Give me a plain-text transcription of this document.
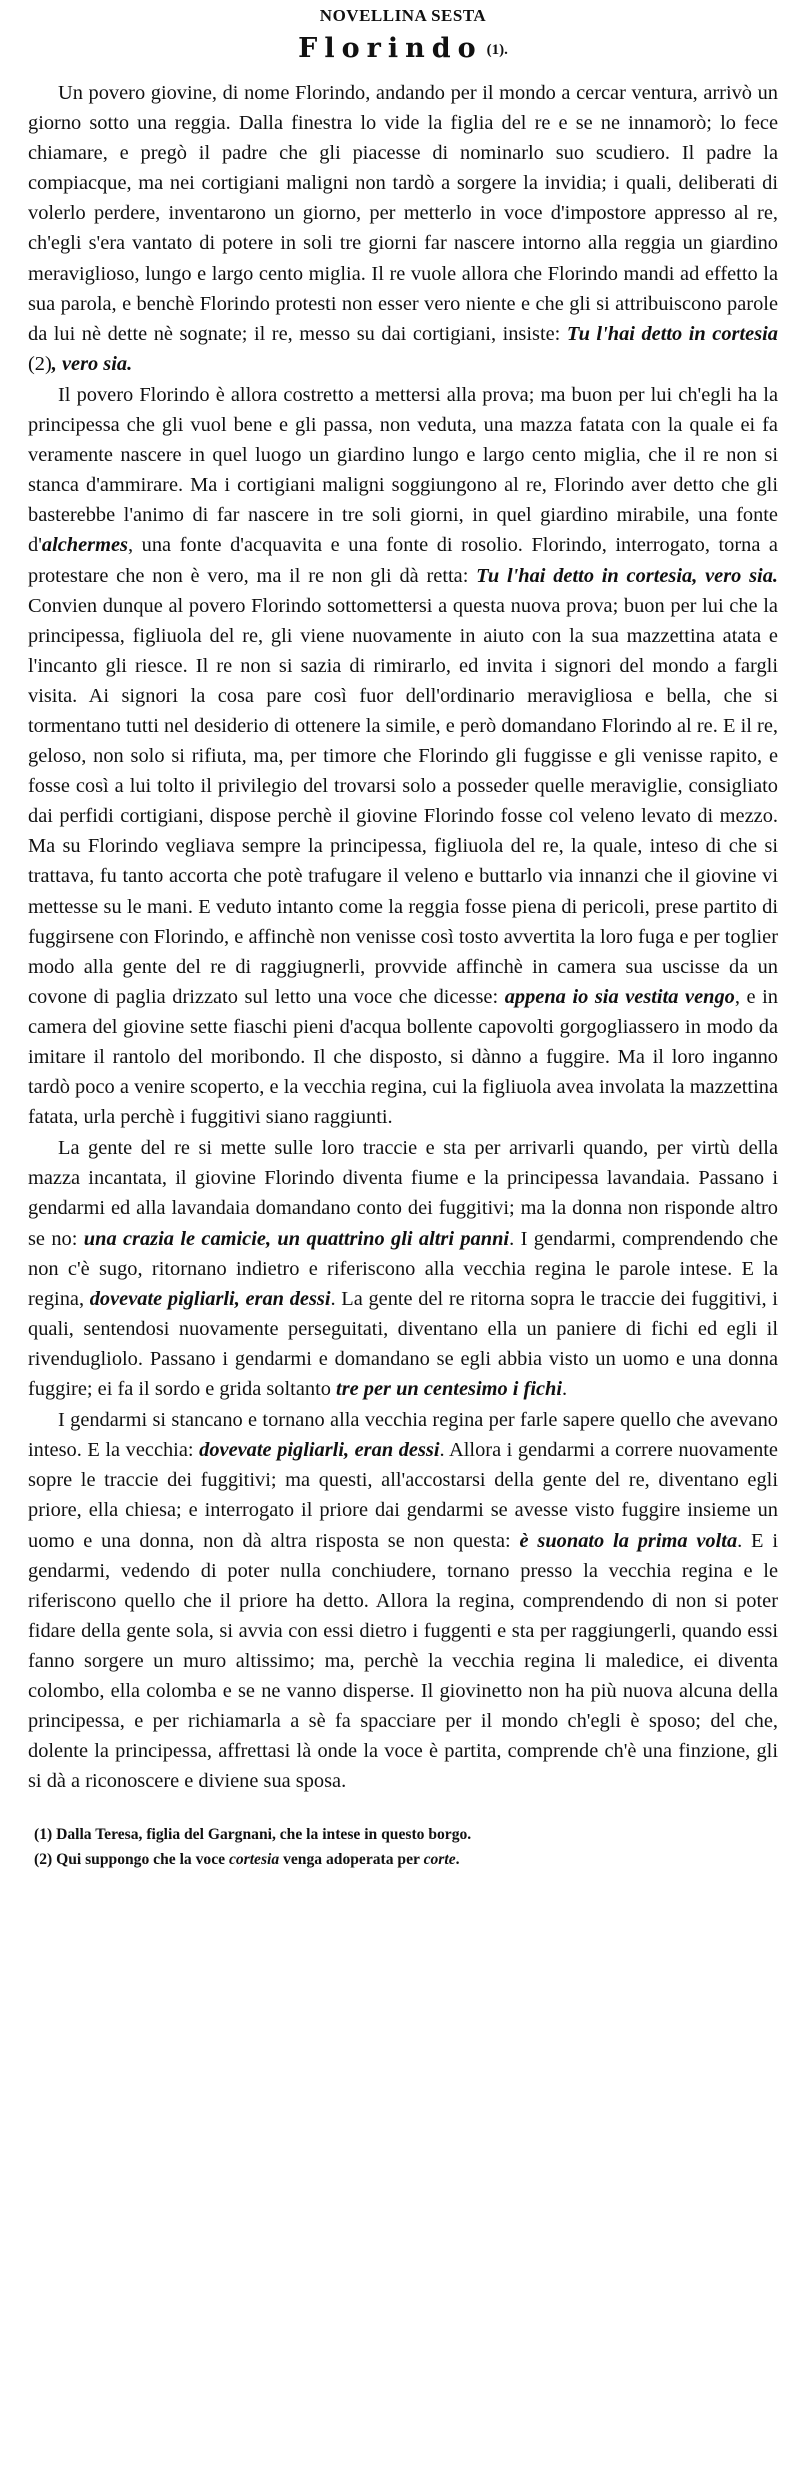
NOVELLINA SESTA
Florindo (1).

Un povero giovine, di nome Florindo, andando per il mondo a cercar ventura, arrivò un giorno sotto una reggia. Dalla finestra lo vide la figlia del re e se ne innamorò; lo fece chiamare, e pregò il padre che gli piacesse di nominarlo suo scudiero. Il padre la compiacque, ma nei cortigiani maligni non tardò a sorgere la invidia; i quali, deliberati di volerlo perdere, inventarono un giorno, per metterlo in voce d'impostore appresso al re, ch'egli s'era vantato di potere in soli tre giorni far nascere intorno alla reggia un giardino meraviglioso, lungo e largo cento miglia. Il re vuole allora che Florindo mandi ad effetto la sua parola, e benchè Florindo protesti non esser vero niente e che gli si attribuiscono parole da lui nè dette nè sognate; il re, messo su dai cortigiani, insiste: Tu l'hai detto in cortesia (2), vero sia.

Il povero Florindo è allora costretto a mettersi alla prova; ma buon per lui ch'egli ha la principessa che gli vuol bene e gli passa, non veduta, una mazza fatata con la quale ei fa veramente nascere in quel luogo un giardino lungo e largo cento miglia, che il re non si stanca d'ammirare. Ma i cortigiani maligni soggiungono al re, Florindo aver detto che gli basterebbe l'animo di far nascere in tre soli giorni, in quel giardino mirabile, una fonte d'alchermes, una fonte d'acquavita e una fonte di rosolio. Florindo, interrogato, torna a protestare che non è vero, ma il re non gli dà retta: Tu l'hai detto in cortesia, vero sia. Convien dunque al povero Florindo sottomettersi a questa nuova prova; buon per lui che la principessa, figliuola del re, gli viene nuovamente in aiuto con la sua mazzettina atata e l'incanto gli riesce. Il re non si sazia di rimirarlo, ed invita i signori del mondo a fargli visita. Ai signori la cosa pare così fuor dell'ordinario meravigliosa e bella, che si tormentano tutti nel desiderio di ottenere la simile, e però domandano Florindo al re. E il re, geloso, non solo si rifiuta, ma, per timore che Florindo gli fuggisse e gli venisse rapito, e fosse così a lui tolto il privilegio del trovarsi solo a posseder quelle meraviglie, consigliato dai perfidi cortigiani, dispose perchè il giovine Florindo fosse col veleno levato di mezzo. Ma su Florindo vegliava sempre la principessa, figliuola del re, la quale, inteso di che si trattava, fu tanto accorta che potè trafugare il veleno e buttarlo via innanzi che il giovine vi mettesse su le mani. E veduto intanto come la reggia fosse piena di pericoli, prese partito di fuggirsene con Florindo, e affinchè non venisse così tosto avvertita la loro fuga e per toglier modo alla gente del re di raggiugnerli, provvide affinchè in camera sua uscisse da un covone di paglia drizzato sul letto una voce che dicesse: appena io sia vestita vengo, e in camera del giovine sette fiaschi pieni d'acqua bollente capovolti gorgogliassero in modo da imitare il rantolo del moribondo. Il che disposto, si dànno a fuggire. Ma il loro inganno tardò poco a venire scoperto, e la vecchia regina, cui la figliuola avea involata la mazzettina fatata, urla perchè i fuggitivi siano raggiunti.

La gente del re si mette sulle loro traccie e sta per arrivarli quando, per virtù della mazza incantata, il giovine Florindo diventa fiume e la principessa lavandaia. Passano i gendarmi ed alla lavandaia domandano conto dei fuggitivi; ma la donna non risponde altro se no: una crazia le camicie, un quattrino gli altri panni. I gendarmi, comprendendo che non c'è sugo, ritornano indietro e riferiscono alla vecchia regina le parole intese. E la regina, dovevate pigliarli, eran dessi. La gente del re ritorna sopra le traccie dei fuggitivi, i quali, sentendosi nuovamente perseguitati, diventano ella un paniere di fichi ed egli il rivendugliolo. Passano i gendarmi e domandano se egli abbia visto un uomo e una donna fuggire; ei fa il sordo e grida soltanto tre per un centesimo i fichi.

I gendarmi si stancano e tornano alla vecchia regina per farle sapere quello che avevano inteso. E la vecchia: dovevate pigliarli, eran dessi. Allora i gendarmi a correre nuovamente sopre le traccie dei fuggitivi; ma questi, all'accostarsi della gente del re, diventano egli priore, ella chiesa; e interrogato il priore dai gendarmi se avesse visto fuggire insieme un uomo e una donna, non dà altra risposta se non questa: è suonato la prima volta. E i gendarmi, vedendo di poter nulla conchiudere, tornano presso la vecchia regina e le riferiscono quello che il priore ha detto. Allora la regina, comprendendo di non si poter fidare della gente sola, si avvia con essi dietro i fuggenti e sta per raggiungerli, quando essi fanno sorgere un muro altissimo; ma, perchè la vecchia regina li maledice, ei diventa colombo, ella colomba e se ne vanno disperse. Il giovinetto non ha più nuova alcuna della principessa, e per richiamarla a sè fa spacciare per il mondo ch'egli è sposo; del che, dolente la principessa, affrettasi là onde la voce è partita, comprende ch'è una finzione, gli si dà a riconoscere e diviene sua sposa.

(1) Dalla Teresa, figlia del Gargnani, che la intese in questo borgo.

(2) Qui suppongo che la voce cortesia venga adoperata per corte.
